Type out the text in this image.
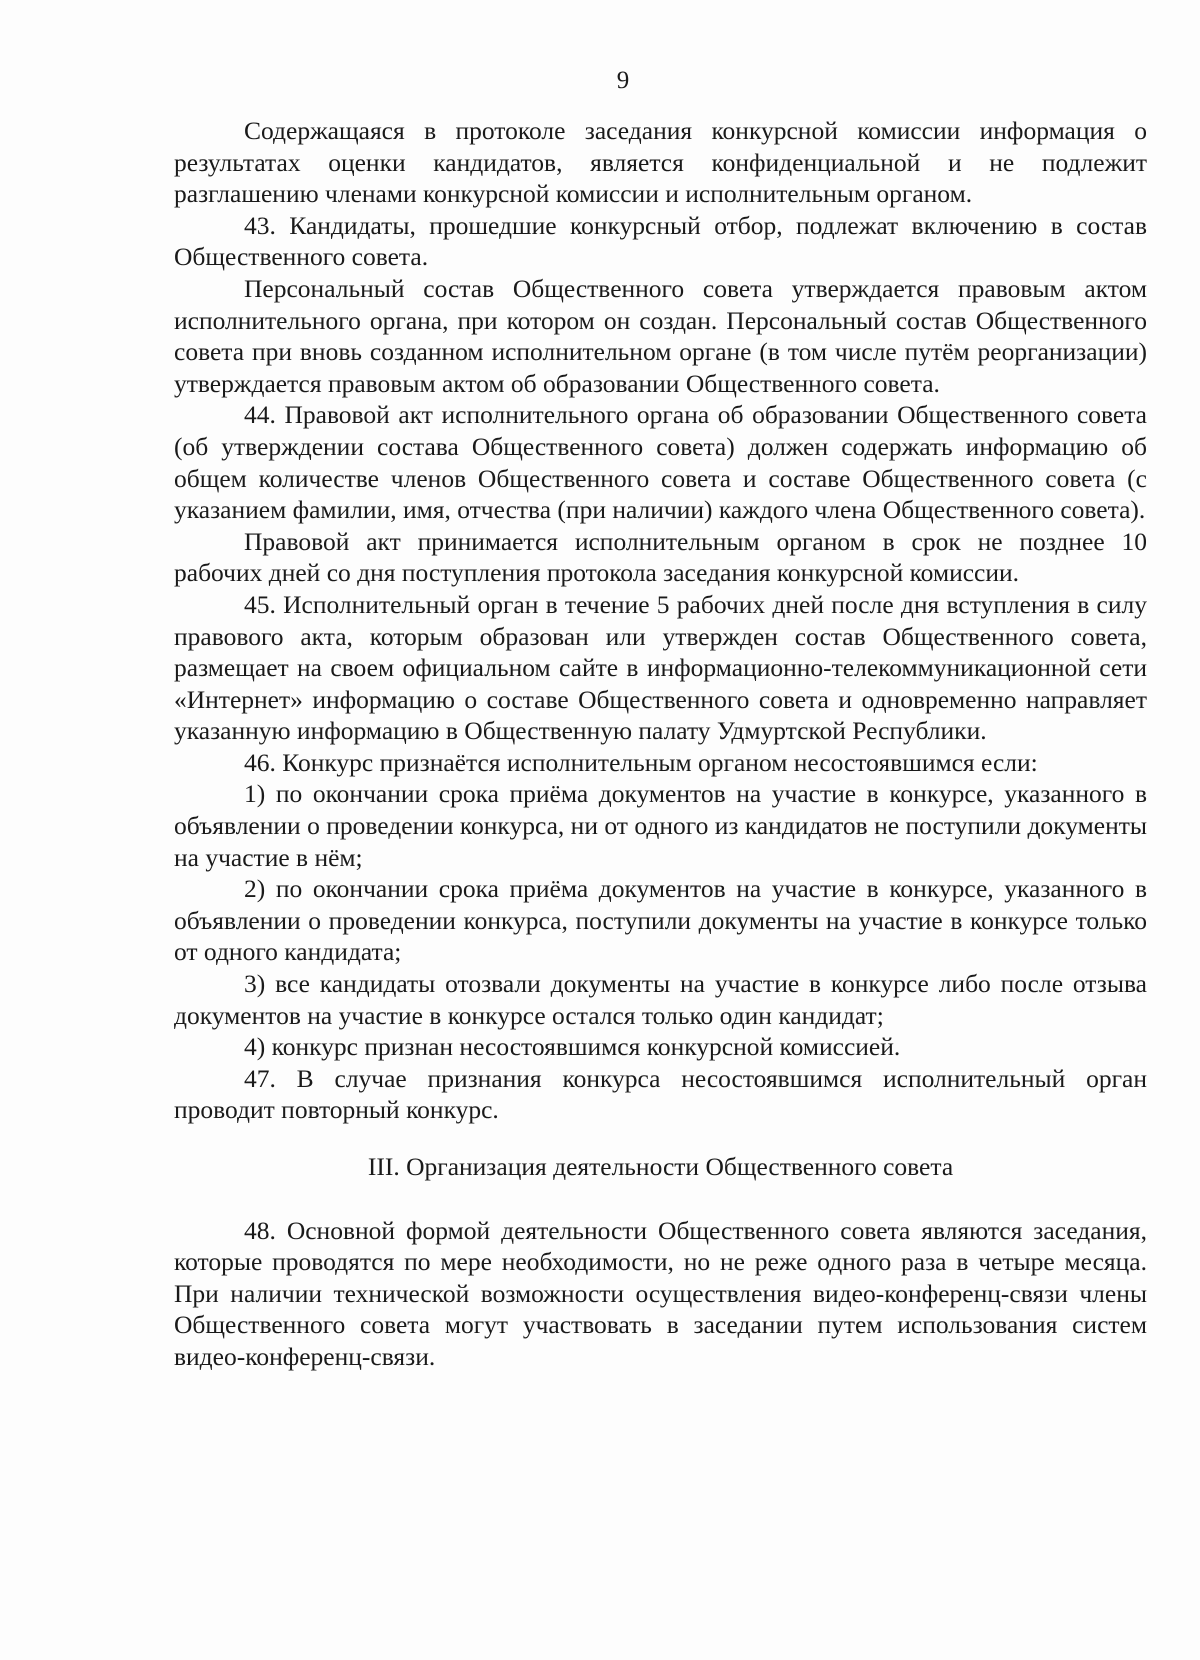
9

Содержащаяся в протоколе заседания конкурсной комиссии информация о результатах оценки кандидатов, является конфиденциальной и не подлежит разглашению членами конкурсной комиссии и исполнительным органом.

43. Кандидаты, прошедшие конкурсный отбор, подлежат включению в состав Общественного совета.

Персональный состав Общественного совета утверждается правовым актом исполнительного органа, при котором он создан. Персональный состав Общественного совета при вновь созданном исполнительном органе (в том числе путём реорганизации) утверждается правовым актом об образовании Общественного совета.

44. Правовой акт исполнительного органа об образовании Общественного совета (об утверждении состава Общественного совета) должен содержать информацию об общем количестве членов Общественного совета и составе Общественного совета (с указанием фамилии, имя, отчества (при наличии) каждого члена Общественного совета).

Правовой акт принимается исполнительным органом в срок не позднее 10 рабочих дней со дня поступления протокола заседания конкурсной комиссии.

45. Исполнительный орган в течение 5 рабочих дней после дня вступления в силу правового акта, которым образован или утвержден состав Общественного совета, размещает на своем официальном сайте в информационно-телекоммуникационной сети «Интернет» информацию о составе Общественного совета и одновременно направляет указанную информацию в Общественную палату Удмуртской Республики.

46. Конкурс признаётся исполнительным органом несостоявшимся если:

1) по окончании срока приёма документов на участие в конкурсе, указанного в объявлении о проведении конкурса, ни от одного из кандидатов не поступили документы на участие в нём;

2) по окончании срока приёма документов на участие в конкурсе, указанного в объявлении о проведении конкурса, поступили документы на участие в конкурсе только от одного кандидата;

3) все кандидаты отозвали документы на участие в конкурсе либо после отзыва документов на участие в конкурсе остался только один кандидат;

4) конкурс признан несостоявшимся конкурсной комиссией.

47. В случае признания конкурса несостоявшимся исполнительный орган проводит повторный конкурс.

III. Организация деятельности Общественного совета

48. Основной формой деятельности Общественного совета являются заседания, которые проводятся по мере необходимости, но не реже одного раза в четыре месяца. При наличии технической возможности осуществления видео-конференц-связи члены Общественного совета могут участвовать в заседании путем использования систем видео-конференц-связи.
